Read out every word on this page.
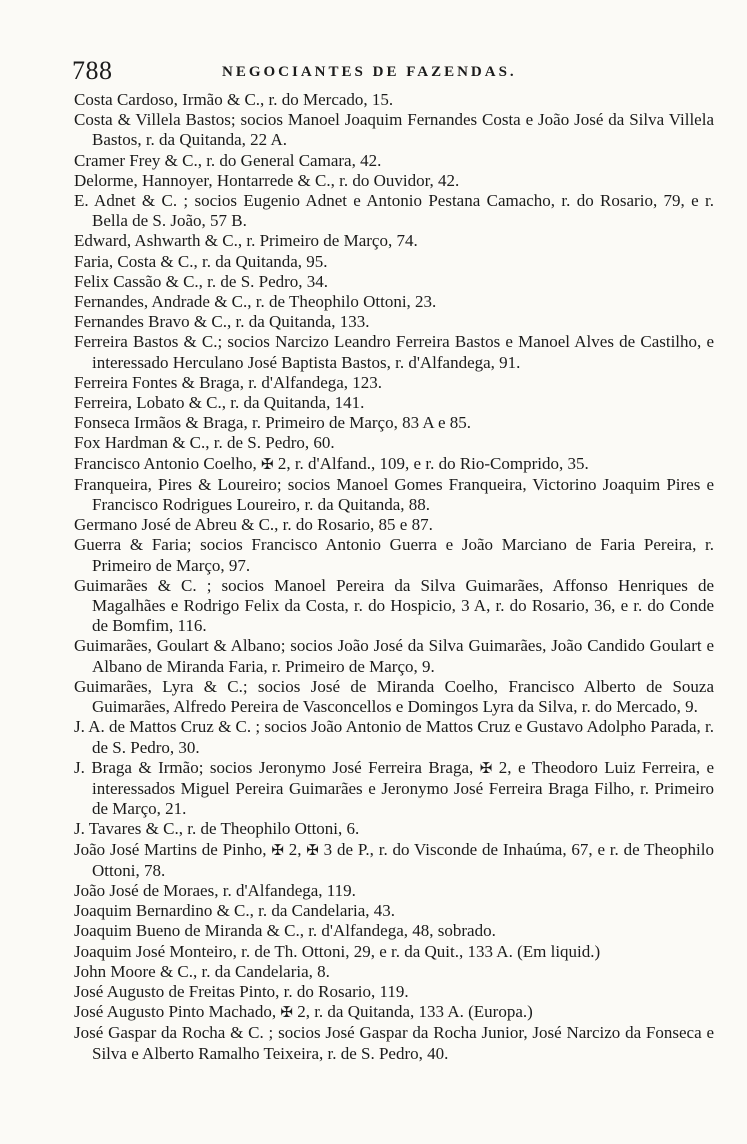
788	NEGOCIANTES DE FAZENDAS.
Costa Cardoso, Irmão & C., r. do Mercado, 15.
Costa & Villela Bastos; socios Manoel Joaquim Fernandes Costa e João José da Silva Villela Bastos, r. da Quitanda, 22 A.
Cramer Frey & C., r. do General Camara, 42.
Delorme, Hannoyer, Hontarrede & C., r. do Ouvidor, 42.
E. Adnet & C. ; socios Eugenio Adnet e Antonio Pestana Camacho, r. do Rosario, 79, e r. Bella de S. João, 57 B.
Edward, Ashwarth & C., r. Primeiro de Março, 74.
Faria, Costa & C., r. da Quitanda, 95.
Felix Cassão & C., r. de S. Pedro, 34.
Fernandes, Andrade & C., r. de Theophilo Ottoni, 23.
Fernandes Bravo & C., r. da Quitanda, 133.
Ferreira Bastos & C.; socios Narcizo Leandro Ferreira Bastos e Manoel Alves de Castilho, e interessado Herculano José Baptista Bastos, r. d'Alfandega, 91.
Ferreira Fontes & Braga, r. d'Alfandega, 123.
Ferreira, Lobato & C., r. da Quitanda, 141.
Fonseca Irmãos & Braga, r. Primeiro de Março, 83 A e 85.
Fox Hardman & C., r. de S. Pedro, 60.
Francisco Antonio Coelho, ✠ 2, r. d'Alfand., 109, e r. do Rio-Comprido, 35.
Franqueira, Pires & Loureiro; socios Manoel Gomes Franqueira, Victorino Joaquim Pires e Francisco Rodrigues Loureiro, r. da Quitanda, 88.
Germano José de Abreu & C., r. do Rosario, 85 e 87.
Guerra & Faria; socios Francisco Antonio Guerra e João Marciano de Faria Pereira, r. Primeiro de Março, 97.
Guimarães & C. ; socios Manoel Pereira da Silva Guimarães, Affonso Henriques de Magalhães e Rodrigo Felix da Costa, r. do Hospicio, 3 A, r. do Rosario, 36, e r. do Conde de Bomfim, 116.
Guimarães, Goulart & Albano; socios João José da Silva Guimarães, João Candido Goulart e Albano de Miranda Faria, r. Primeiro de Março, 9.
Guimarães, Lyra & C.; socios José de Miranda Coelho, Francisco Alberto de Souza Guimarães, Alfredo Pereira de Vasconcellos e Domingos Lyra da Silva, r. do Mercado, 9.
J. A. de Mattos Cruz & C. ; socios João Antonio de Mattos Cruz e Gustavo Adolpho Parada, r. de S. Pedro, 30.
J. Braga & Irmão; socios Jeronymo José Ferreira Braga, ✠ 2, e Theodoro Luiz Ferreira, e interessados Miguel Pereira Guimarães e Jeronymo José Ferreira Braga Filho, r. Primeiro de Março, 21.
J. Tavares & C., r. de Theophilo Ottoni, 6.
João José Martins de Pinho, ✠ 2, ✠ 3 de P., r. do Visconde de Inhaúma, 67, e r. de Theophilo Ottoni, 78.
João José de Moraes, r. d'Alfandega, 119.
Joaquim Bernardino & C., r. da Candelaria, 43.
Joaquim Bueno de Miranda & C., r. d'Alfandega, 48, sobrado.
Joaquim José Monteiro, r. de Th. Ottoni, 29, e r. da Quit., 133 A. (Em liquid.)
John Moore & C., r. da Candelaria, 8.
José Augusto de Freitas Pinto, r. do Rosario, 119.
José Augusto Pinto Machado, ✠ 2, r. da Quitanda, 133 A. (Europa.)
José Gaspar da Rocha & C. ; socios José Gaspar da Rocha Junior, José Narcizo da Fonseca e Silva e Alberto Ramalho Teixeira, r. de S. Pedro, 40.
